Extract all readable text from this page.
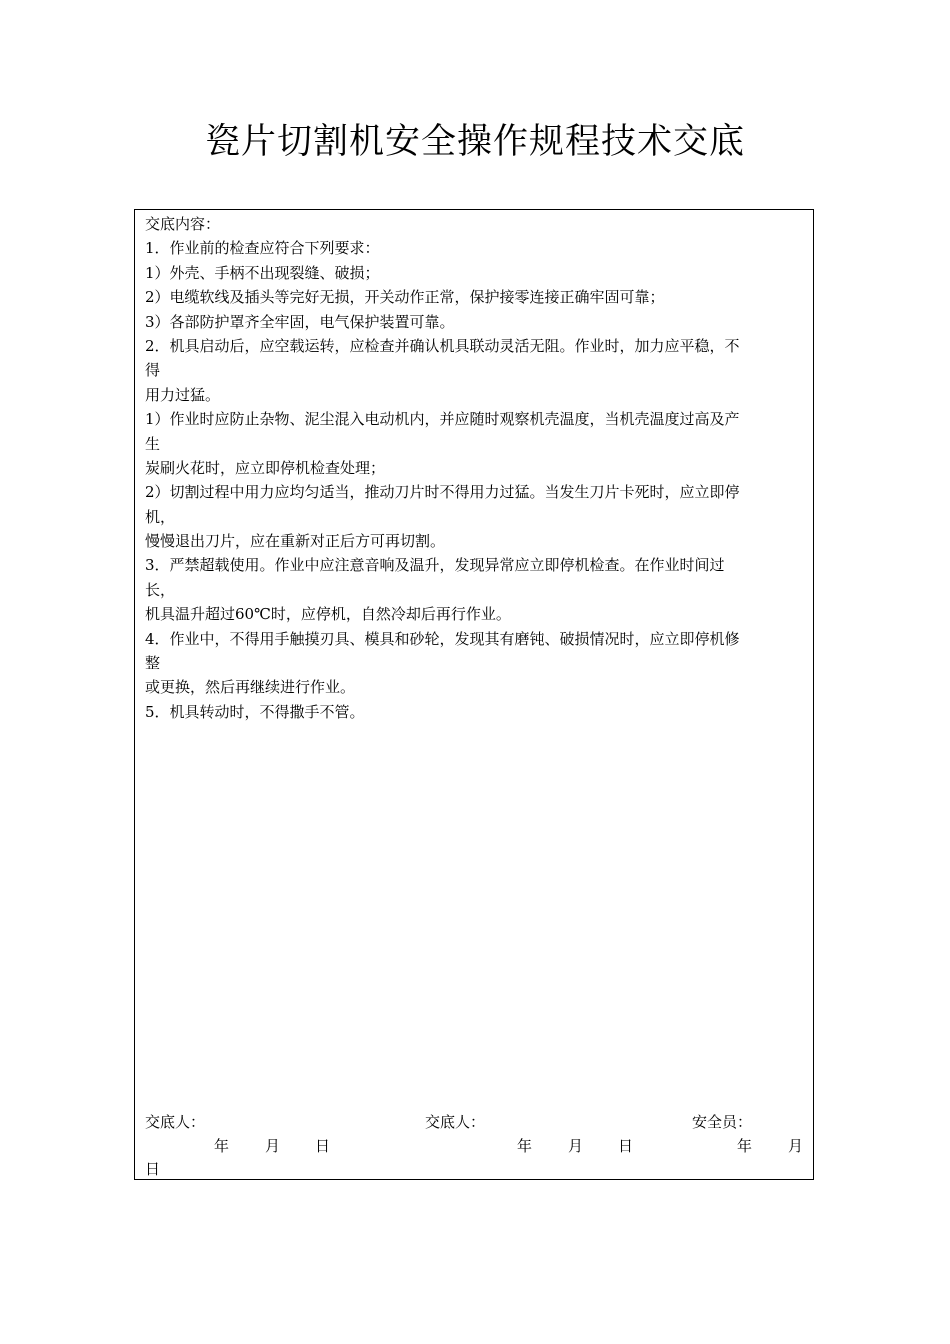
瓷片切割机安全操作规程技术交底
交底内容：
1．作业前的检查应符合下列要求：
1）外壳、手柄不出现裂缝、破损；
2）电缆软线及插头等完好无损，开关动作正常，保护接零连接正确牢固可靠；
3）各部防护罩齐全牢固，电气保护装置可靠。
2．机具启动后，应空载运转，应检查并确认机具联动灵活无阻。作业时，加力应平稳，不
得
用力过猛。
1）作业时应防止杂物、泥尘混入电动机内，并应随时观察机壳温度，当机壳温度过高及产
生
炭刷火花时，应立即停机检查处理；
2）切割过程中用力应均匀适当，推动刀片时不得用力过猛。当发生刀片卡死时，应立即停
机，
慢慢退出刀片，应在重新对正后方可再切割。
3．严禁超载使用。作业中应注意音响及温升，发现异常应立即停机检查。在作业时间过
长，
机具温升超过60℃时，应停机，自然冷却后再行作业。
4．作业中，不得用手触摸刃具、模具和砂轮，发现其有磨钝、破损情况时，应立即停机修
整
或更换，然后再继续进行作业。
5．机具转动时，不得撒手不管。
交底人：	交底人：	安全员：
年 月 日	年 月 日	年 月
日
